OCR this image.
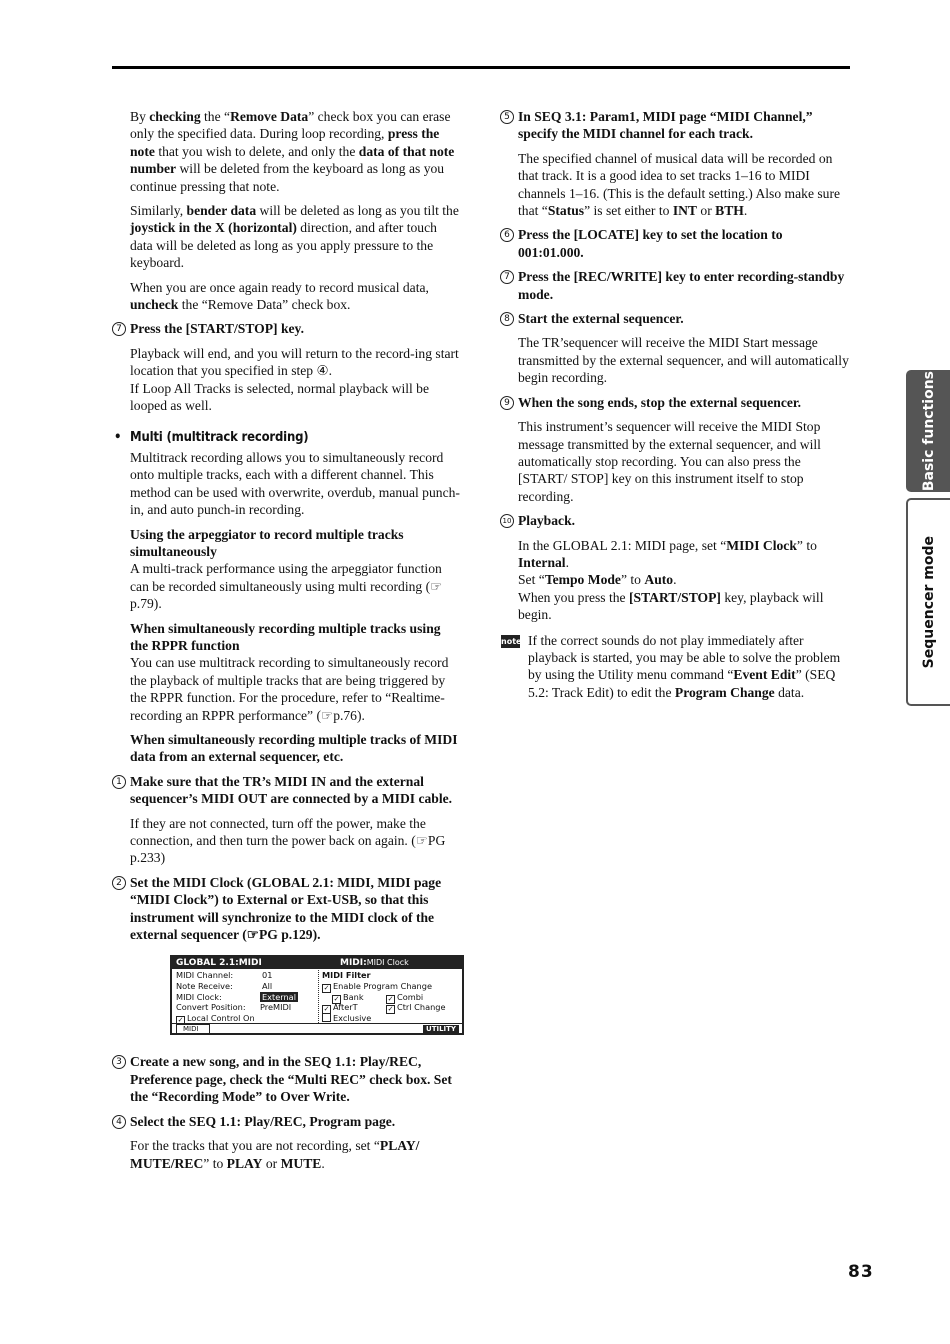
By checking the “Remove Data” check box you can erase only the specified data. During loop recording, press the note that you wish to delete, and only the data of that note number will be deleted from the keyboard as long as you continue pressing that note.

Similarly, bender data will be deleted as long as you tilt the joystick in the X (horizontal) direction, and after touch data will be deleted as long as you apply pressure to the keyboard.

When you are once again ready to record musical data, uncheck the “Remove Data” check box.

7 Press the [START/STOP] key.

Playback will end, and you will return to the record-ing start location that you specified in step ④.
If Loop All Tracks is selected, normal playback will be looped as well.

• Multi (multitrack recording)

Multitrack recording allows you to simultaneously record onto multiple tracks, each with a different channel. This method can be used with overwrite, overdub, manual punch-in, and auto punch-in recording.

Using the arpeggiator to record multiple tracks simultaneously

A multi-track performance using the arpeggiator function can be recorded simultaneously using multi recording (☞p.79).

When simultaneously recording multiple tracks using the RPPR function

You can use multitrack recording to simultaneously record the playback of multiple tracks that are being triggered by the RPPR function. For the procedure, refer to “Realtime-recording an RPPR performance” (☞p.76).

When simultaneously recording multiple tracks of MIDI data from an external sequencer, etc.

1 Make sure that the TR’s MIDI IN and the external sequencer’s MIDI OUT are connected by a MIDI cable.

If they are not connected, turn off the power, make the connection, and then turn the power back on again. (☞PG p.233)

2 Set the MIDI Clock (GLOBAL 2.1: MIDI, MIDI page “MIDI Clock”) to External or Ext-USB, so that this instrument will synchronize to the MIDI clock of the external sequencer (☞PG p.129).

GLOBAL 2.1:MIDI	MIDI:MIDI Clock
MIDI Channel:	01
Note Receive:	All
MIDI Clock:	External
Convert Position: PreMIDI
✓ Local Control On
MIDI Filter
✓ Enable Program Change
✓ Bank	✓ Combi
✓ AfterT	✓ Ctrl Change
Exclusive
MIDI	UTILITY

3 Create a new song, and in the SEQ 1.1: Play/REC, Preference page, check the “Multi REC” check box. Set the “Recording Mode” to Over Write.

4 Select the SEQ 1.1: Play/REC, Program page.

For the tracks that you are not recording, set “PLAY/ MUTE/REC” to PLAY or MUTE.

5 In SEQ 3.1: Param1, MIDI page “MIDI Channel,” specify the MIDI channel for each track.

The specified channel of musical data will be recorded on that track. It is a good idea to set tracks 1–16 to MIDI channels 1–16. (This is the default setting.) Also make sure that “Status” is set either to INT or BTH.

6 Press the [LOCATE] key to set the location to 001:01.000.

7 Press the [REC/WRITE] key to enter recording-standby mode.

8 Start the external sequencer.

The TR’sequencer will receive the MIDI Start message transmitted by the external sequencer, and will automatically begin recording.

9 When the song ends, stop the external sequencer.

This instrument’s sequencer will receive the MIDI Stop message transmitted by the external sequencer, and will automatically stop recording. You can also press the [START/ STOP] key on this instrument itself to stop recording.

10 Playback.

In the GLOBAL 2.1: MIDI page, set “MIDI Clock” to Internal.
Set “Tempo Mode” to Auto.
When you press the [START/STOP] key, playback will begin.

note If the correct sounds do not play immediately after playback is started, you may be able to solve the problem by using the Utility menu command “Event Edit” (SEQ 5.2: Track Edit) to edit the Program Change data.

Basic functions
Sequencer mode
83
